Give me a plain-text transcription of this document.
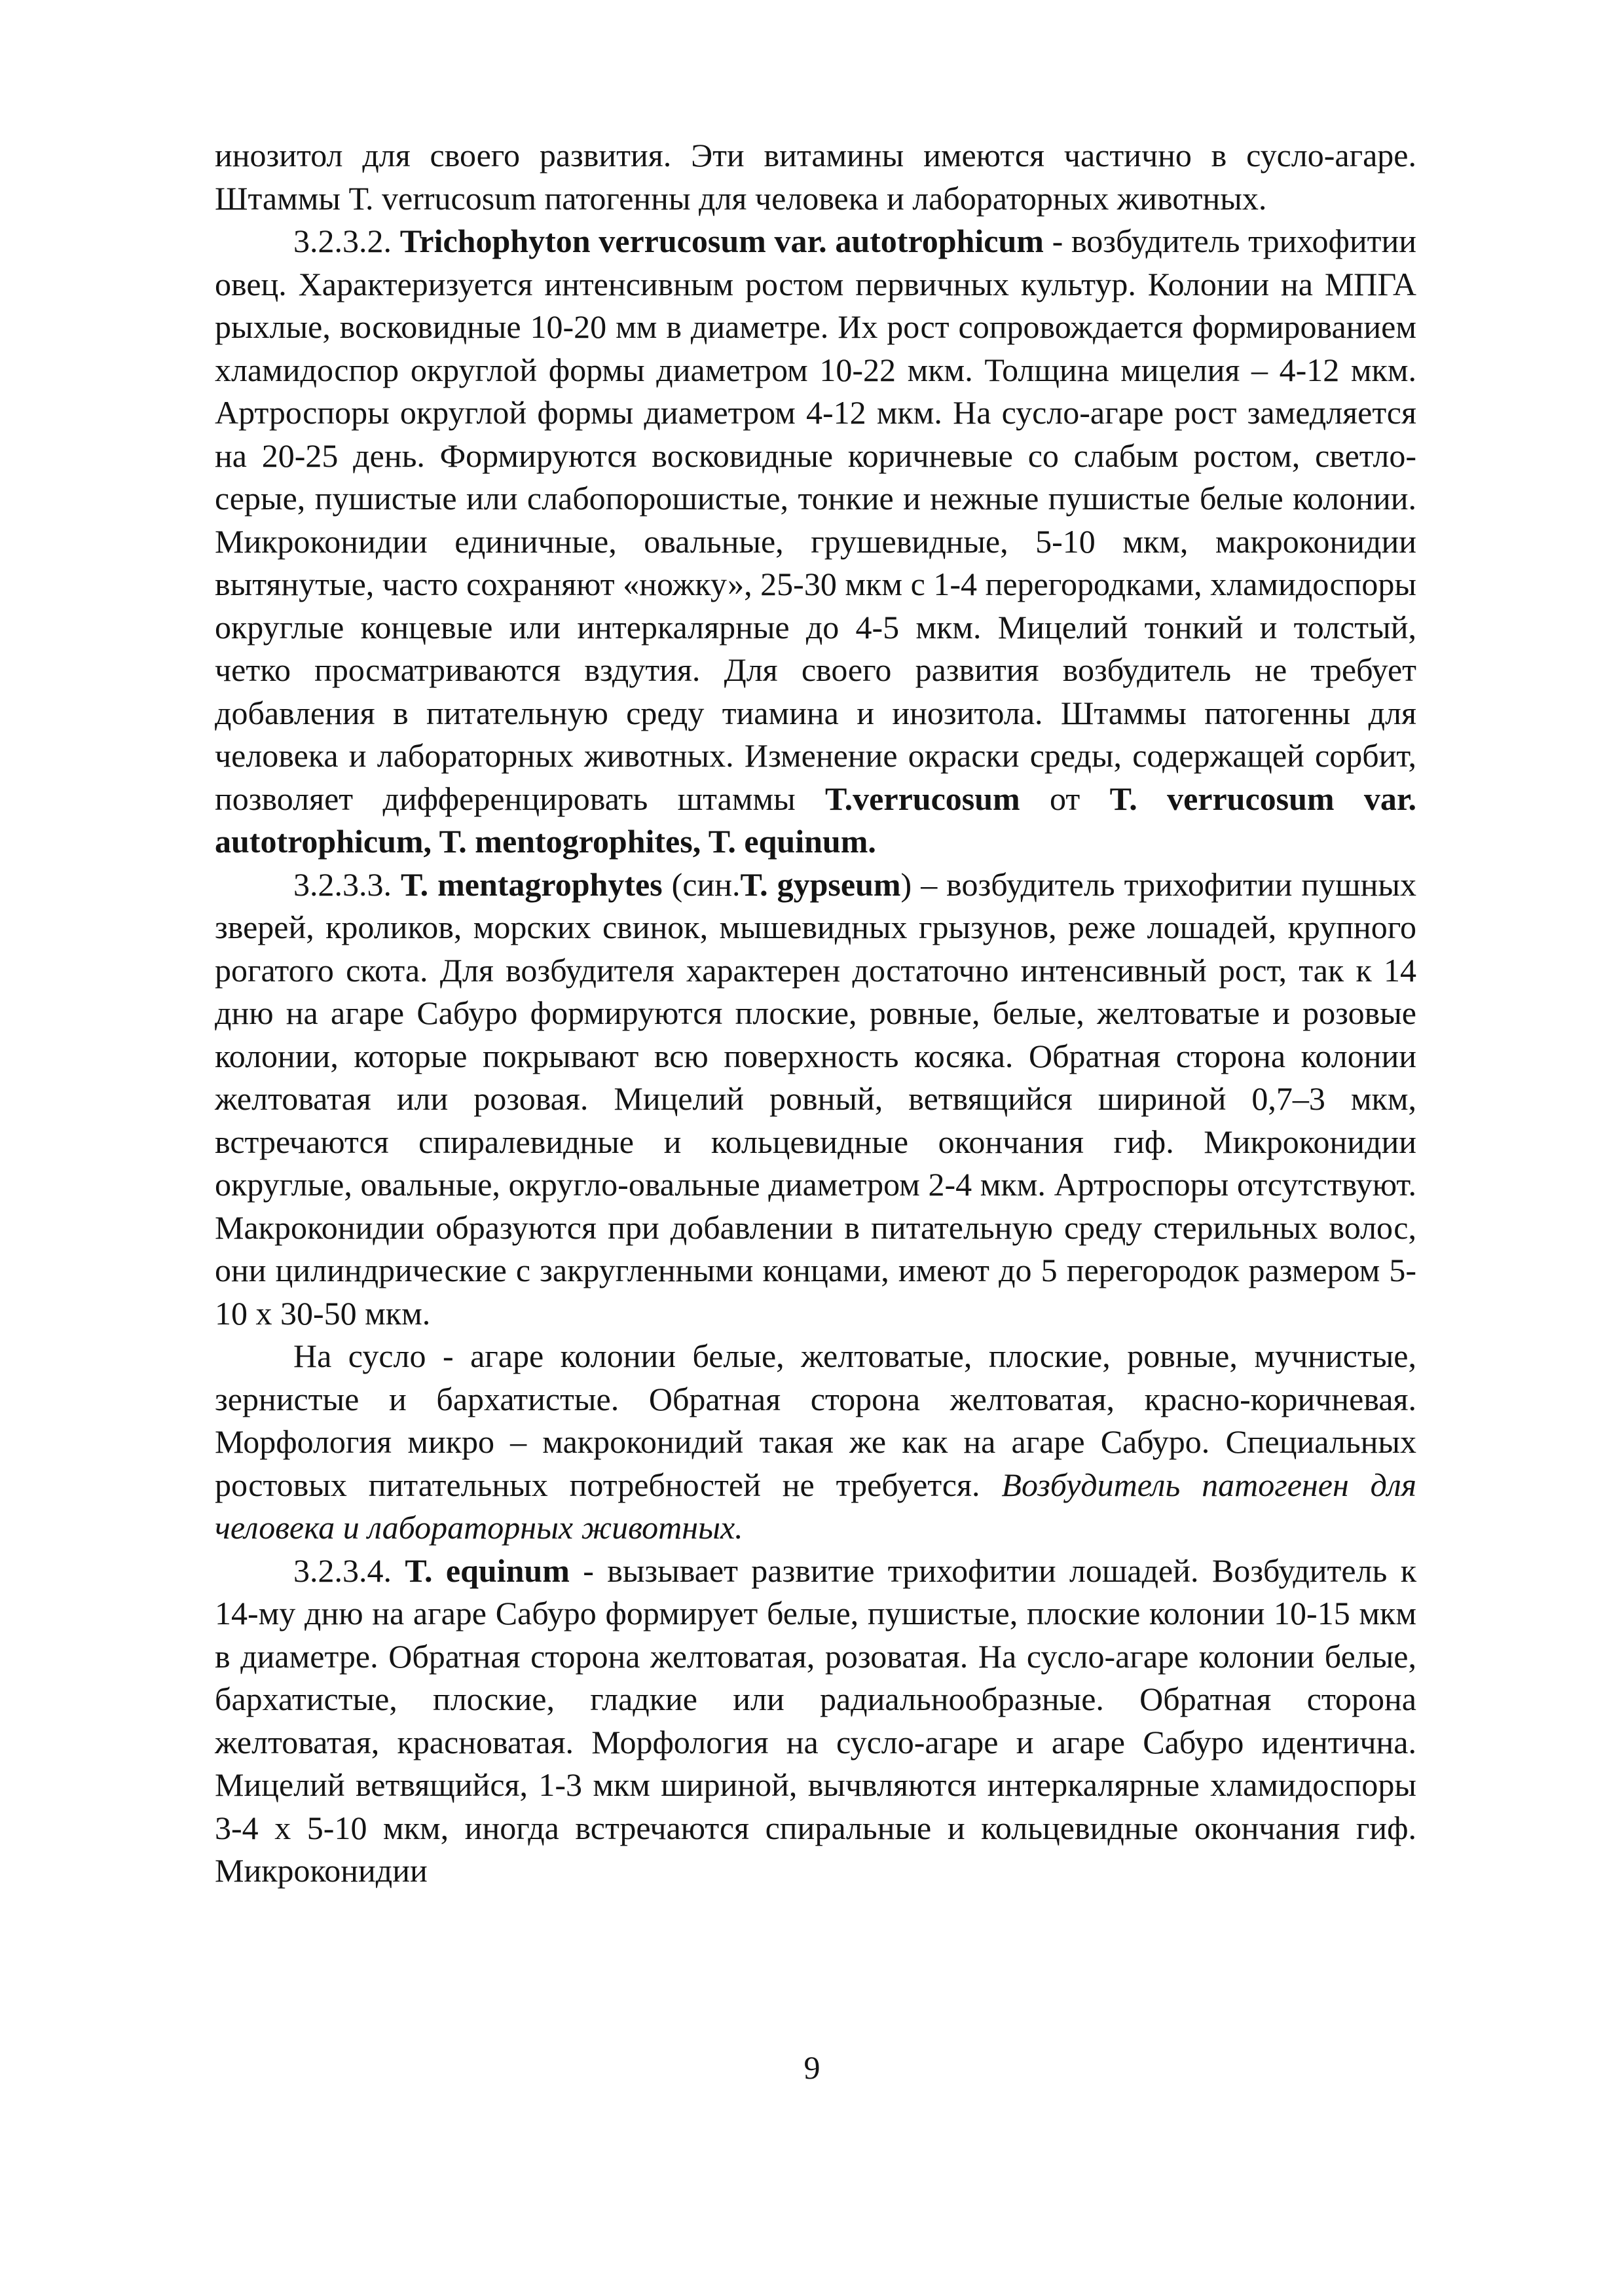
инозитол для своего развития. Эти витамины имеются частично в сусло-агаре. Штаммы Т. verrucosum патогенны для человека и лабораторных животных.

3.2.3.2. Trichophyton verrucosum var. autotrophicum - возбудитель трихофитии овец. Характеризуется интенсивным ростом первичных культур. Колонии на МПГА рыхлые, восковидные 10-20 мм в диаметре. Их рост сопровождается формированием хламидоспор округлой формы диаметром 10-22 мкм. Толщина мицелия – 4-12 мкм. Артроспоры округлой формы диаметром 4-12 мкм. На сусло-агаре рост замедляется на 20-25 день. Формируются восковидные коричневые со слабым ростом, светло-серые, пушистые или слабопорошистые, тонкие и нежные пушистые белые колонии. Микроконидии единичные, овальные, грушевидные, 5-10 мкм, макроконидии вытянутые, часто сохраняют «ножку», 25-30 мкм с 1-4 перегородками, хламидоспоры округлые концевые или интеркалярные до 4-5 мкм. Мицелий тонкий и толстый, четко просматриваются вздутия. Для своего развития возбудитель не требует добавления в питательную среду тиамина и инозитола. Штаммы патогенны для человека и лабораторных животных. Изменение окраски среды, содержащей сорбит, позволяет дифференцировать штаммы T.verrucosum от T. verrucosum var. autotrophicum, T. mentogrophites, T. equinum.

3.2.3.3. T. mentagrophytes (син.T. gypseum) – возбудитель трихофитии пушных зверей, кроликов, морских свинок, мышевидных грызунов, реже лошадей, крупного рогатого скота. Для возбудителя характерен достаточно интенсивный рост, так к 14 дню на агаре Сабуро формируются плоские, ровные, белые, желтоватые и розовые колонии, которые покрывают всю поверхность косяка. Обратная сторона колонии желтоватая или розовая. Мицелий ровный, ветвящийся шириной 0,7–3 мкм, встречаются спиралевидные и кольцевидные окончания гиф. Микроконидии округлые, овальные, округло-овальные диаметром 2-4 мкм. Артроспоры отсутствуют. Макроконидии образуются при добавлении в питательную среду стерильных волос, они цилиндрические с закругленными концами, имеют до 5 перегородок размером 5-10 х 30-50 мкм.

На сусло - агаре колонии белые, желтоватые, плоские, ровные, мучнистые, зернистые и бархатистые. Обратная сторона желтоватая, красно-коричневая. Морфология микро – макроконидий такая же как на агаре Сабуро. Специальных ростовых питательных потребностей не требуется. Возбудитель патогенен для человека и лабораторных животных.

3.2.3.4. T. equinum - вызывает развитие трихофитии лошадей. Возбудитель к 14-му дню на агаре Сабуро формирует белые, пушистые, плоские колонии 10-15 мкм в диаметре. Обратная сторона желтоватая, розоватая. На сусло-агаре колонии белые, бархатистые, плоские, гладкие или радиальнообразные. Обратная сторона желтоватая, красноватая. Морфология на сусло-агаре и агаре Сабуро идентична. Мицелий ветвящийся, 1-3 мкм шириной, вычвляются интеркалярные хламидоспоры 3-4 х 5-10 мкм, иногда встречаются спиральные и кольцевидные окончания гиф. Микроконидии

9
